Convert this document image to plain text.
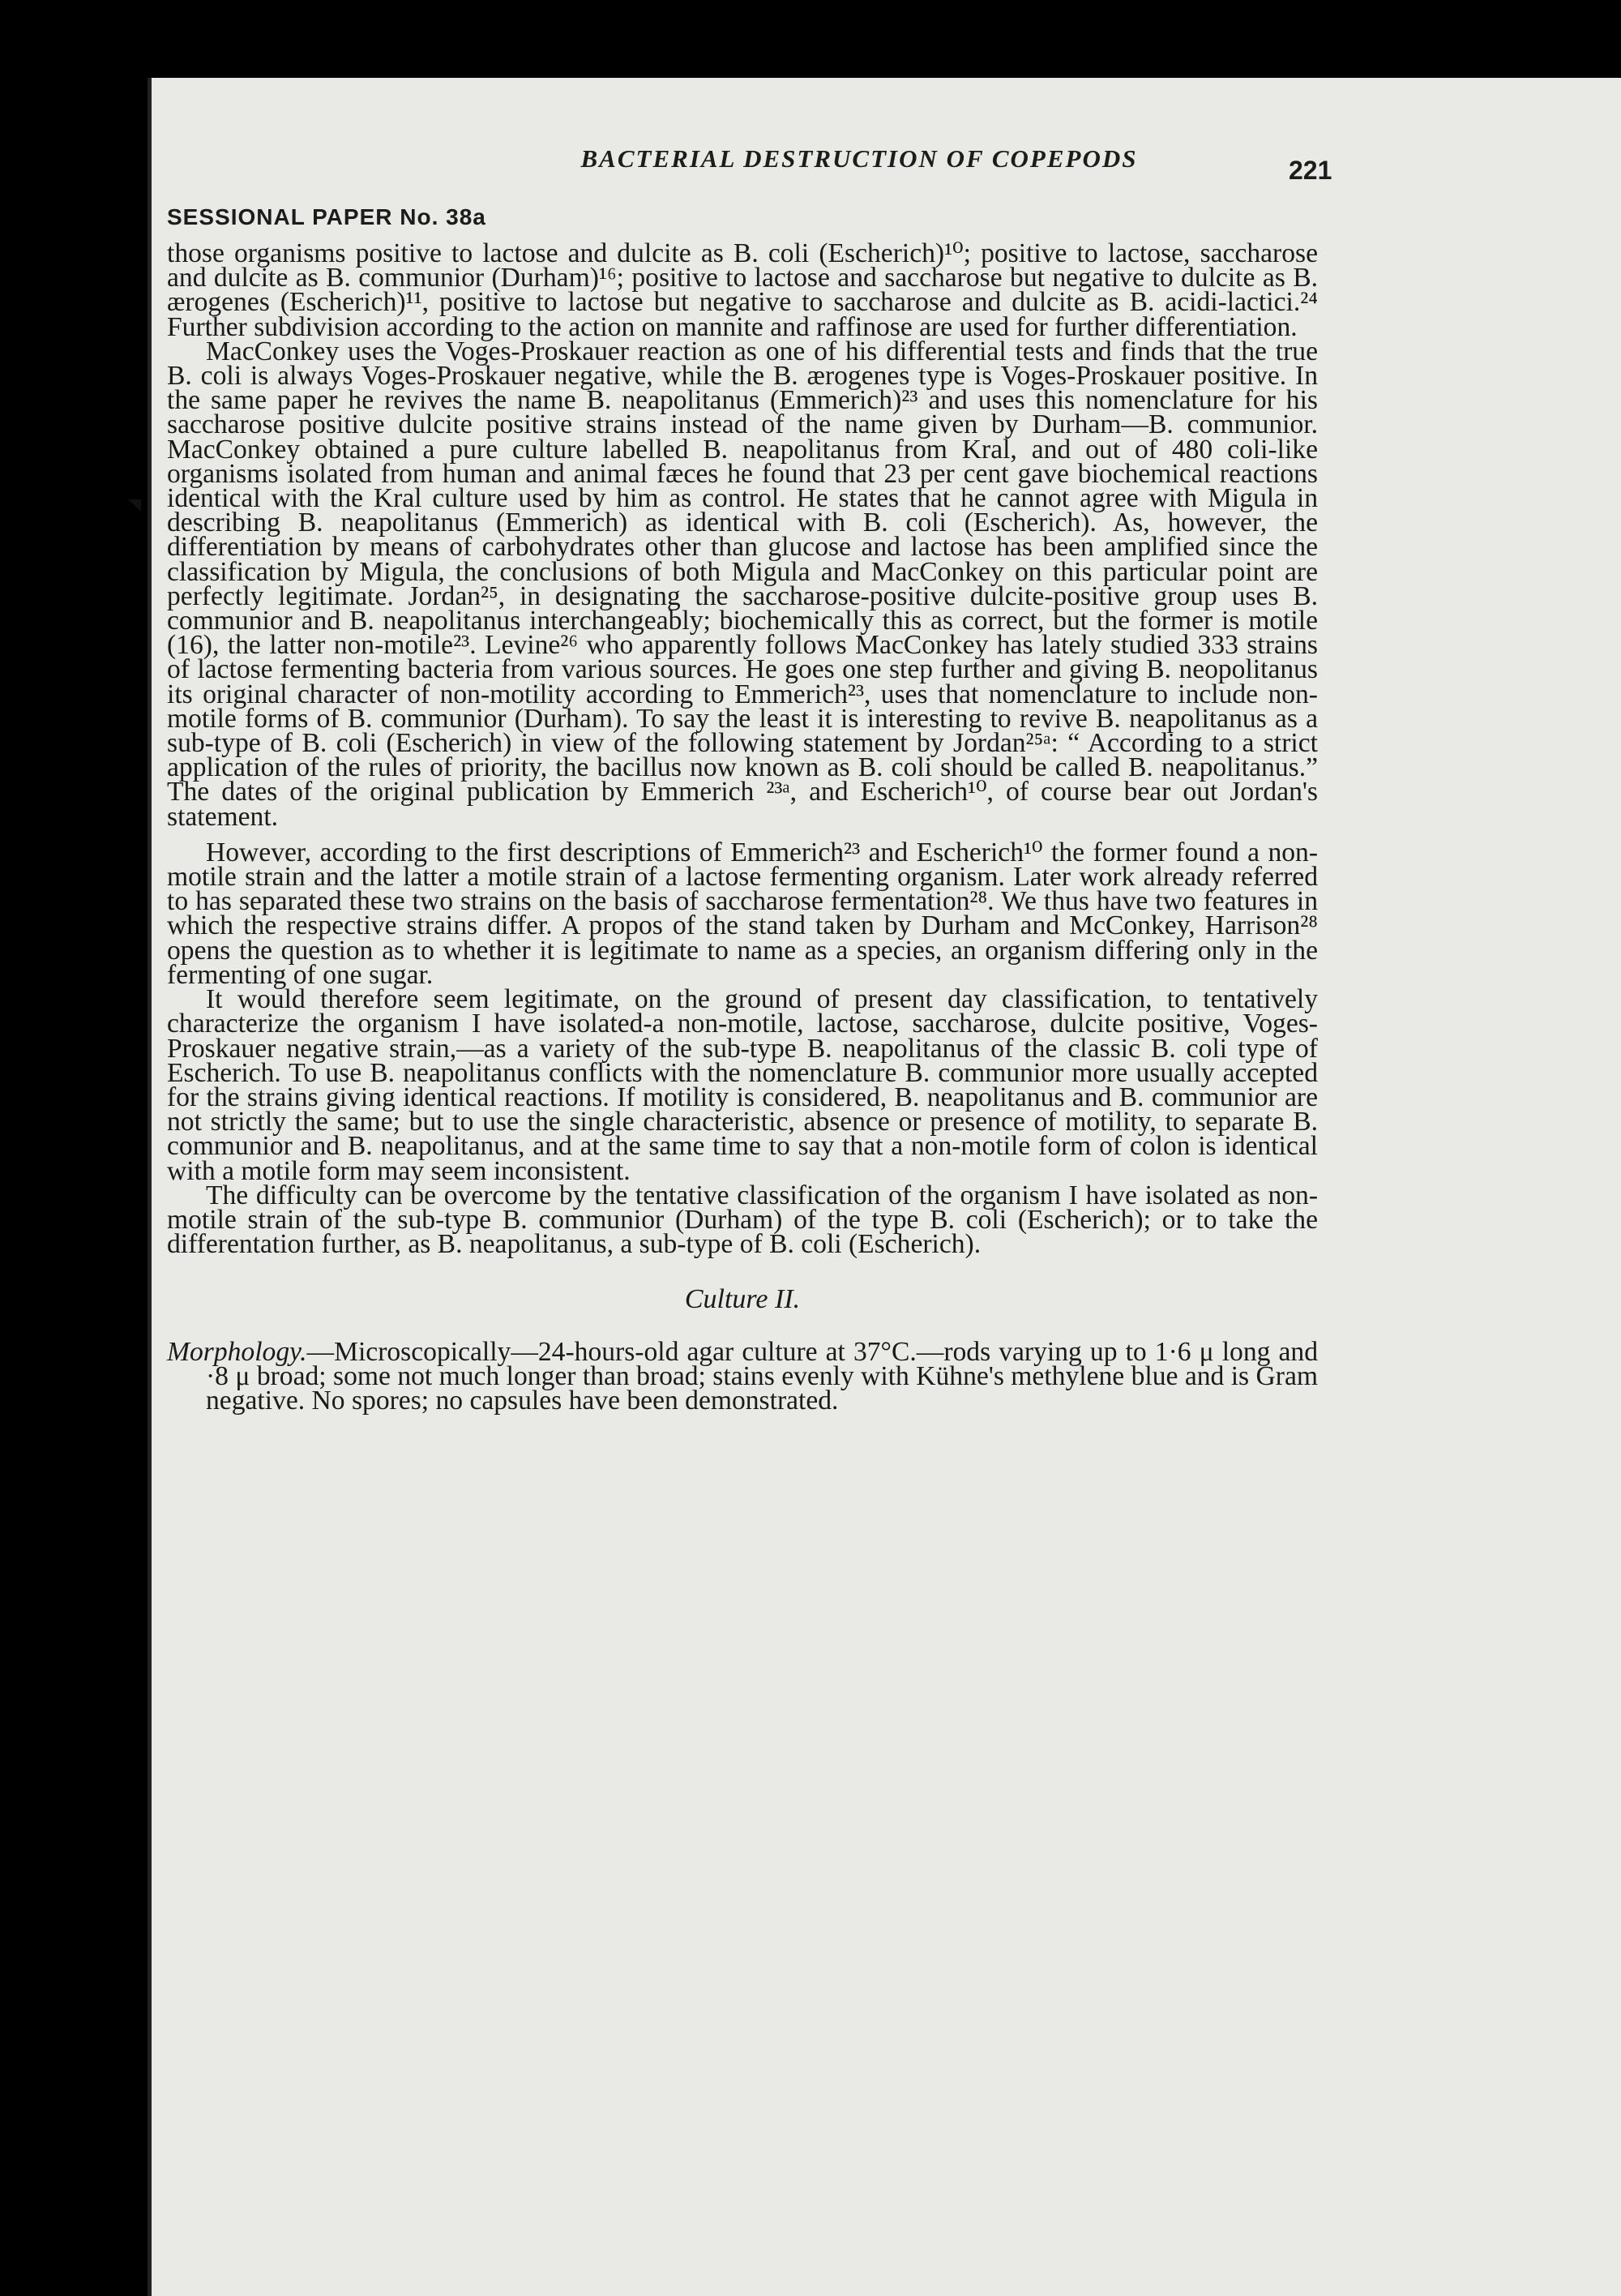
BACTERIAL DESTRUCTION OF COPEPODS	221
SESSIONAL PAPER No. 38a

those organisms positive to lactose and dulcite as B. coli (Escherich)¹⁰; positive to lactose, saccharose and dulcite as B. communior (Durham)¹⁶; positive to lactose and saccharose but negative to dulcite as B. ærogenes (Escherich)¹¹, positive to lactose but negative to saccharose and dulcite as B. acidi-lactici.²⁴ Further subdivision according to the action on mannite and raffinose are used for further differentiation.

MacConkey uses the Voges-Proskauer reaction as one of his differential tests and finds that the true B. coli is always Voges-Proskauer negative, while the B. ærogenes type is Voges-Proskauer positive. In the same paper he revives the name B. neapolitanus (Emmerich)²³ and uses this nomenclature for his saccharose positive dulcite positive strains instead of the name given by Durham—B. communior. MacConkey obtained a pure culture labelled B. neapolitanus from Kral, and out of 480 coli-like organisms isolated from human and animal fæces he found that 23 per cent gave biochemical reactions identical with the Kral culture used by him as control. He states that he cannot agree with Migula in describing B. neapolitanus (Emmerich) as identical with B. coli (Escherich). As, however, the differentiation by means of carbohydrates other than glucose and lactose has been amplified since the classification by Migula, the conclusions of both Migula and MacConkey on this particular point are perfectly legitimate. Jordan²⁵, in designating the saccharose-positive dulcite-positive group uses B. communior and B. neapolitanus interchangeably; biochemically this as correct, but the former is motile (16), the latter non-motile²³. Levine²⁶ who apparently follows MacConkey has lately studied 333 strains of lactose fermenting bacteria from various sources. He goes one step further and giving B. neopolitanus its original character of non-motility according to Emmerich²³, uses that nomenclature to include non-motile forms of B. communior (Durham). To say the least it is interesting to revive B. neapolitanus as a sub-type of B. coli (Escherich) in view of the following statement by Jordan²⁵ᵃ: “ According to a strict application of the rules of priority, the bacillus now known as B. coli should be called B. neapolitanus.” The dates of the original publication by Emmerich ²³ᵃ, and Escherich¹⁰, of course bear out Jordan's statement.

However, according to the first descriptions of Emmerich²³ and Escherich¹⁰ the former found a non-motile strain and the latter a motile strain of a lactose fermenting organism. Later work already referred to has separated these two strains on the basis of saccharose fermentation²⁸. We thus have two features in which the respective strains differ. A propos of the stand taken by Durham and McConkey, Harrison²⁸ opens the question as to whether it is legitimate to name as a species, an organism differing only in the fermenting of one sugar.

It would therefore seem legitimate, on the ground of present day classification, to tentatively characterize the organism I have isolated-a non-motile, lactose, saccharose, dulcite positive, Voges-Proskauer negative strain,—as a variety of the sub-type B. neapolitanus of the classic B. coli type of Escherich. To use B. neapolitanus conflicts with the nomenclature B. communior more usually accepted for the strains giving identical reactions. If motility is considered, B. neapolitanus and B. communior are not strictly the same; but to use the single characteristic, absence or presence of motility, to separate B. communior and B. neapolitanus, and at the same time to say that a non-motile form of colon is identical with a motile form may seem inconsistent.

The difficulty can be overcome by the tentative classification of the organism I have isolated as non-motile strain of the sub-type B. communior (Durham) of the type B. coli (Escherich); or to take the differentation further, as B. neapolitanus, a sub-type of B. coli (Escherich).

Culture II.

Morphology.—Microscopically—24-hours-old agar culture at 37°C.—rods varying up to 1·6 μ long and ·8 μ broad; some not much longer than broad; stains evenly with Kühne's methylene blue and is Gram negative. No spores; no capsules have been demonstrated.
